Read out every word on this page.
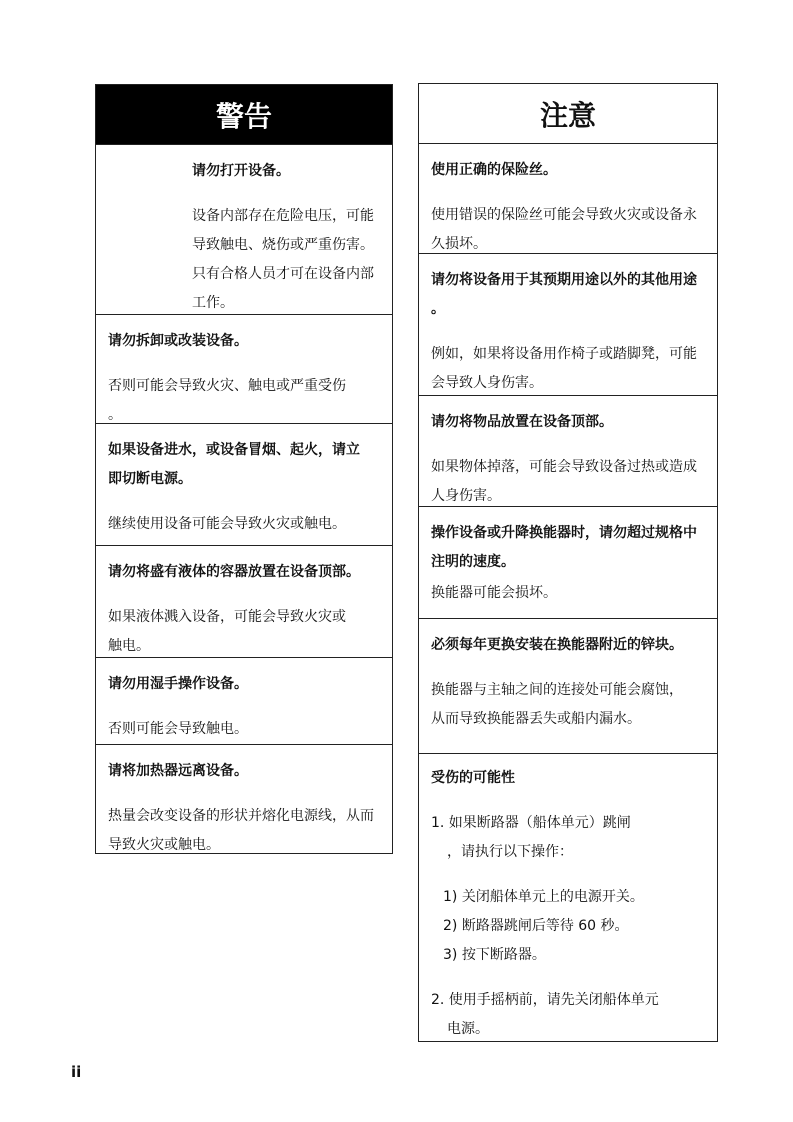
警告
请勿打开设备。
设备内部存在危险电压，可能
导致触电、烧伤或严重伤害。
只有合格人员才可在设备内部
工作。
请勿拆卸或改装设备。
否则可能会导致火灾、触电或严重受伤
。
如果设备进水，或设备冒烟、起火，请立
即切断电源。
继续使用设备可能会导致火灾或触电。
请勿将盛有液体的容器放置在设备顶部。
如果液体溅入设备，可能会导致火灾或
触电。
请勿用湿手操作设备。
否则可能会导致触电。
请将加热器远离设备。
热量会改变设备的形状并熔化电源线，从而
导致火灾或触电。
注意
使用正确的保险丝。
使用错误的保险丝可能会导致火灾或设备永
久损坏。
请勿将设备用于其预期用途以外的其他用途
。
例如，如果将设备用作椅子或踏脚凳，可能
会导致人身伤害。
请勿将物品放置在设备顶部。
如果物体掉落，可能会导致设备过热或造成
人身伤害。
操作设备或升降换能器时，请勿超过规格中
注明的速度。
换能器可能会损坏。
必须每年更换安装在换能器附近的锌块。
换能器与主轴之间的连接处可能会腐蚀，
从而导致换能器丢失或船内漏水。
受伤的可能性
1. 如果断路器（船体单元）跳闸
，请执行以下操作：
1) 关闭船体单元上的电源开关。
2) 断路器跳闸后等待 60 秒。
3) 按下断路器。
2. 使用手摇柄前，请先关闭船体单元
电源。
ii
